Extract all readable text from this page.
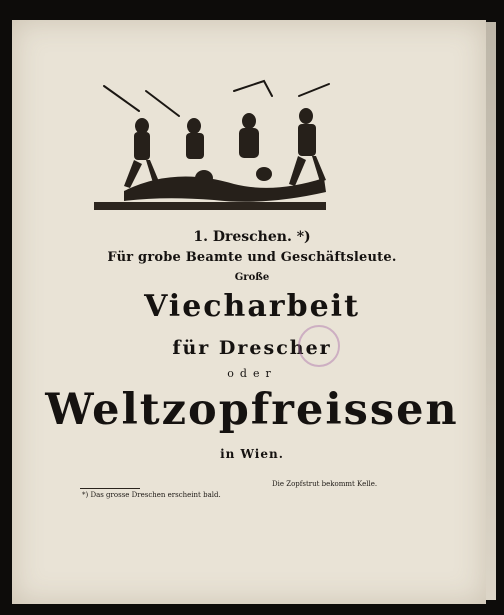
1. Dreschen. *)
Für grobe Beamte und Geschäftsleute.
Große
Viecharbeit
für Drescher
oder
Weltzopfreissen
in Wien.
Die Zopfstrut bekommt Kelle.
*) Das grosse Dreschen erscheint bald.
